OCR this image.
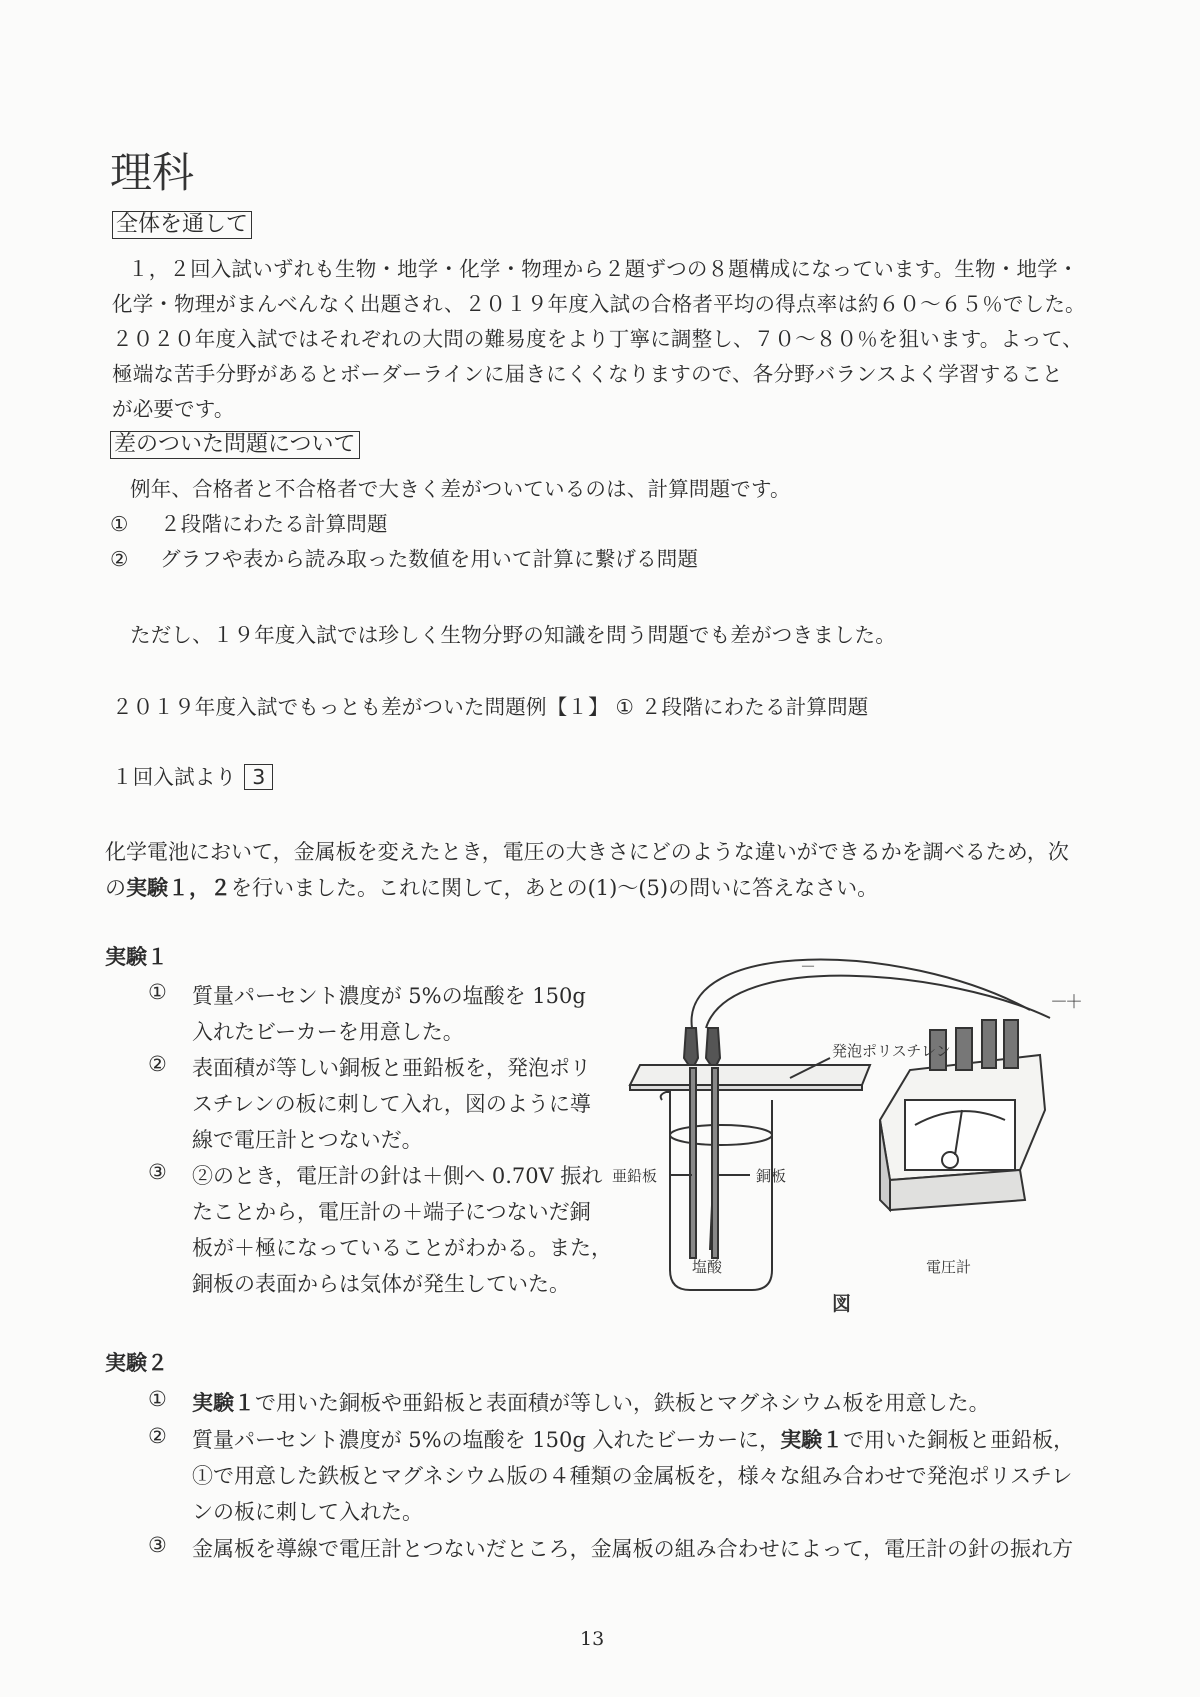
理科
全体を通して
１，２回入試いずれも生物・地学・化学・物理から２題ずつの８題構成になっています。生物・地学・
化学・物理がまんべんなく出題され、２０１９年度入試の合格者平均の得点率は約６０～６５％でした。
２０２０年度入試ではそれぞれの大問の難易度をより丁寧に調整し、７０～８０％を狙います。よって、
極端な苦手分野があるとボーダーラインに届きにくくなりますので、各分野バランスよく学習すること
が必要です。
差のついた問題について
例年、合格者と不合格者で大きく差がついているのは、計算問題です。
① ２段階にわたる計算問題
② グラフや表から読み取った数値を用いて計算に繋げる問題
ただし、１９年度入試では珍しく生物分野の知識を問う問題でも差がつきました。
２０１９年度入試でもっとも差がついた問題例【１】 ① ２段階にわたる計算問題
１回入試より 3
化学電池において，金属板を変えたとき，電圧の大きさにどのような違いができるかを調べるため，次
の実験１，２を行いました。これに関して，あとの(1)～(5)の問いに答えなさい。
実験１
① 質量パーセント濃度が 5%の塩酸を 150g
入れたビーカーを用意した。
② 表面積が等しい銅板と亜鉛板を，発泡ポリ
スチレンの板に刺して入れ，図のように導
線で電圧計とつないだ。
③ ②のとき，電圧計の針は＋側へ 0.70V 振れ
たことから，電圧計の＋端子につないだ銅
板が＋極になっていることがわかる。また，
銅板の表面からは気体が発生していた。
－
－
＋
発泡ポリスチレン
亜鉛板	銅板
塩酸	電圧計
図
実験２
① 実験１で用いた銅板や亜鉛板と表面積が等しい，鉄板とマグネシウム板を用意した。
② 質量パーセント濃度が 5%の塩酸を 150g 入れたビーカーに，実験１で用いた銅板と亜鉛板，
①で用意した鉄板とマグネシウム版の４種類の金属板を，様々な組み合わせで発泡ポリスチレ
ンの板に刺して入れた。
③ 金属板を導線で電圧計とつないだところ，金属板の組み合わせによって，電圧計の針の振れ方
13
